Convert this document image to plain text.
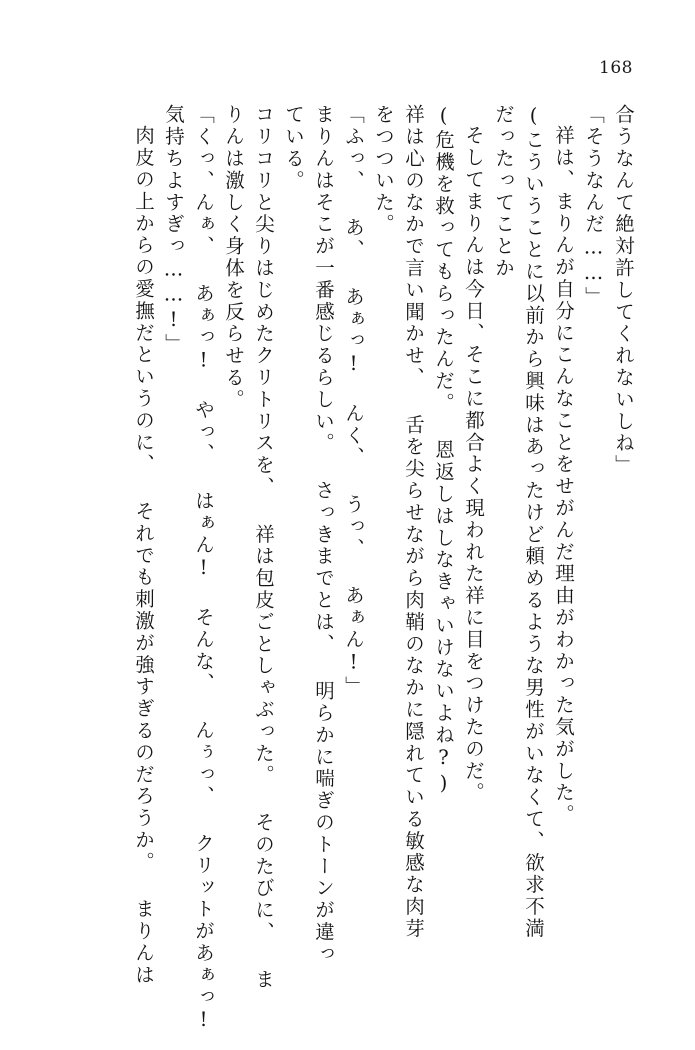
168
合うなんて絶対許してくれないしね」
「そうなんだ……」
祥は、まりんが自分にこんなことをせがんだ理由がわかった気がした。
(こういうことに以前から興味はあったけど頼めるような男性がいなくて、欲求不満
だったってことか
そしてまりんは今日、そこに都合よく現われた祥に目をつけたのだ。
(危機を救ってもらったんだ。 恩返しはしなきゃいけないよね?)
祥は心のなかで言い聞かせ、 舌を尖らせながら肉鞘のなかに隠れている敏感な肉芽
をつついた。
「ふっ、 あ、 あぁっ! んく、 うっ、 あぁん!」
まりんはそこが一番感じるらしい。 さっきまでとは、 明らかに喘ぎのトーンが違っ
ている。
コリコリと尖りはじめたクリトリスを、 祥は包皮ごとしゃぶった。 そのたびに、 ま
りんは激しく身体を反らせる。
「くっ、んぁ、 あぁっ! やっ、 はぁん! そんな、 んぅっ、 クリットがあぁっ!
気持ちよすぎっ……!」
肉皮の上からの愛撫だというのに、 それでも刺激が強すぎるのだろうか。 まりんは
